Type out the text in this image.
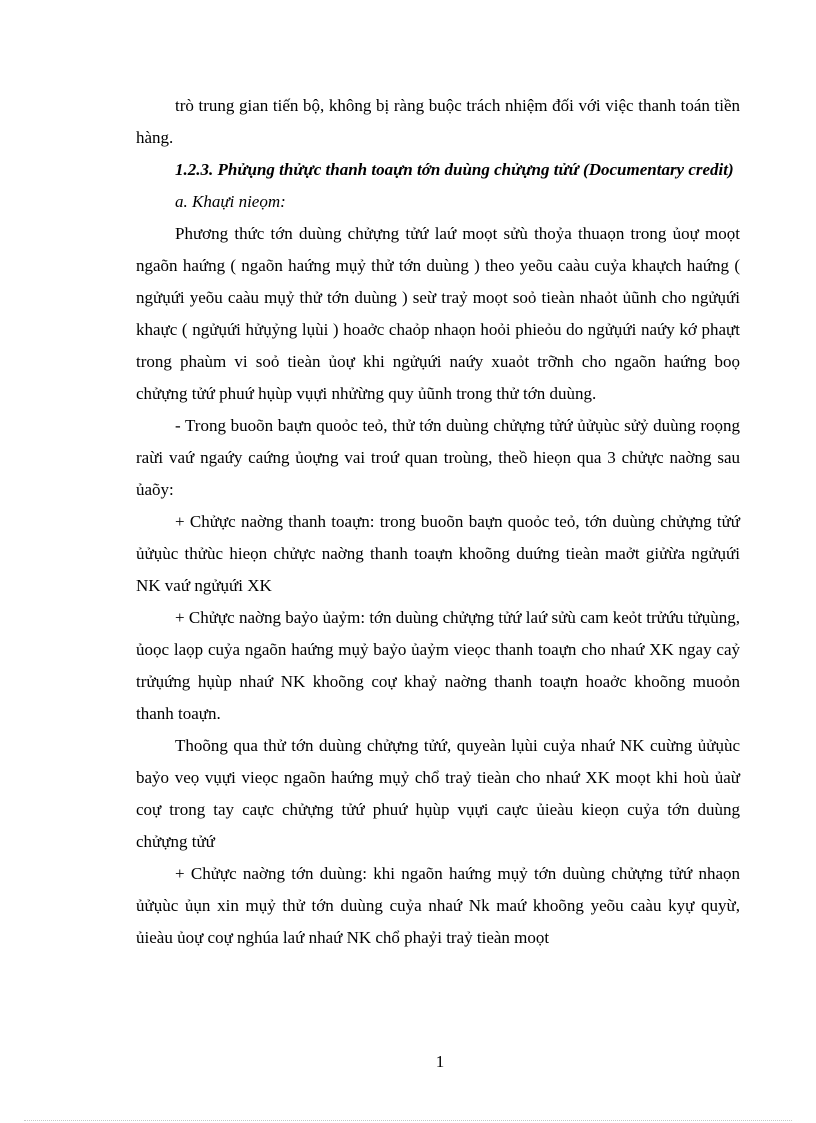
trò trung gian tiến bộ, không bị ràng buộc trách nhiệm đối với việc thanh toán tiền hàng.

1.2.3. Phửụng thửực thanh toaựn tớn duùng chửựng tửứ (Documentary credit)

a. Khaựi nieọm:

Phương thức tớn duùng chửựng tửứ laứ moọt sửù thoỷa thuaọn trong ủoự moọt ngaõn haứng ( ngaõn haứng mụỷ thử tớn duùng ) theo yeõu caàu cuỷa khaựch haứng ( ngửụứi yeõu caàu mụỷ thử tớn duùng ) seừ traỷ moọt soỏ tieàn nhaỏt ủũnh cho ngửụứi khaực ( ngửụứi hửụỷng lụùi ) hoaởc chaỏp nhaọn hoỏi phieỏu do ngửụứi naứy kớ phaựt trong phaùm vi soỏ tieàn ủoự khi ngửụứi naứy xuaỏt trỡnh cho ngaõn haứng boọ chửựng tửứ phuứ hụùp vụựi nhửừng quy ủũnh trong thử tớn duùng.

- Trong buoõn baựn quoỏc teỏ, thử tớn duùng chửựng tửứ ủửụùc sửỷ duùng roọng raừi vaứ ngaứy caứng ủoựng vai troứ quan troùng, theồ hieọn qua 3 chửực naờng sau ủaõy:

+ Chửực naờng thanh toaựn: trong buoõn baựn quoỏc teỏ, tớn duùng chửựng tửứ ủửụùc thửùc hieọn chửực naờng thanh toaựn khoõng duứng tieàn maởt giửừa ngửụứi NK vaứ ngửụứi XK

+ Chửực naờng baỷo ủaỷm: tớn duùng chửựng tửứ laứ sửù cam keỏt trửứu tửụùng, ủoọc laọp cuỷa ngaõn haứng mụỷ baỷo ủaỷm vieọc thanh toaựn cho nhaứ XK ngay caỷ trửụứng hụùp nhaứ NK khoõng coự khaỷ naờng thanh toaựn hoaởc khoõng muoỏn thanh toaựn.

Thoõng qua thử tớn duùng chửựng tửứ, quyeàn lụùi cuỷa nhaứ NK cuừng ủửụùc baỷo veọ vụựi vieọc ngaõn haứng mụỷ chổ traỷ tieàn cho nhaứ XK moọt khi hoù ủaừ coự trong tay caực chửựng tửứ phuứ hụùp vụựi caực ủieàu kieọn cuỷa tớn duùng chửựng tửứ

+ Chửực naờng tớn duùng: khi ngaõn haứng mụỷ tớn duùng chửựng tửứ nhaọn ủửụùc ủụn xin mụỷ thử tớn duùng cuỷa nhaứ Nk maứ khoõng yeõu caàu kyự quyừ, ủieàu ủoự coự nghúa laứ nhaứ NK chổ phaỷi traỷ tieàn moọt

1
